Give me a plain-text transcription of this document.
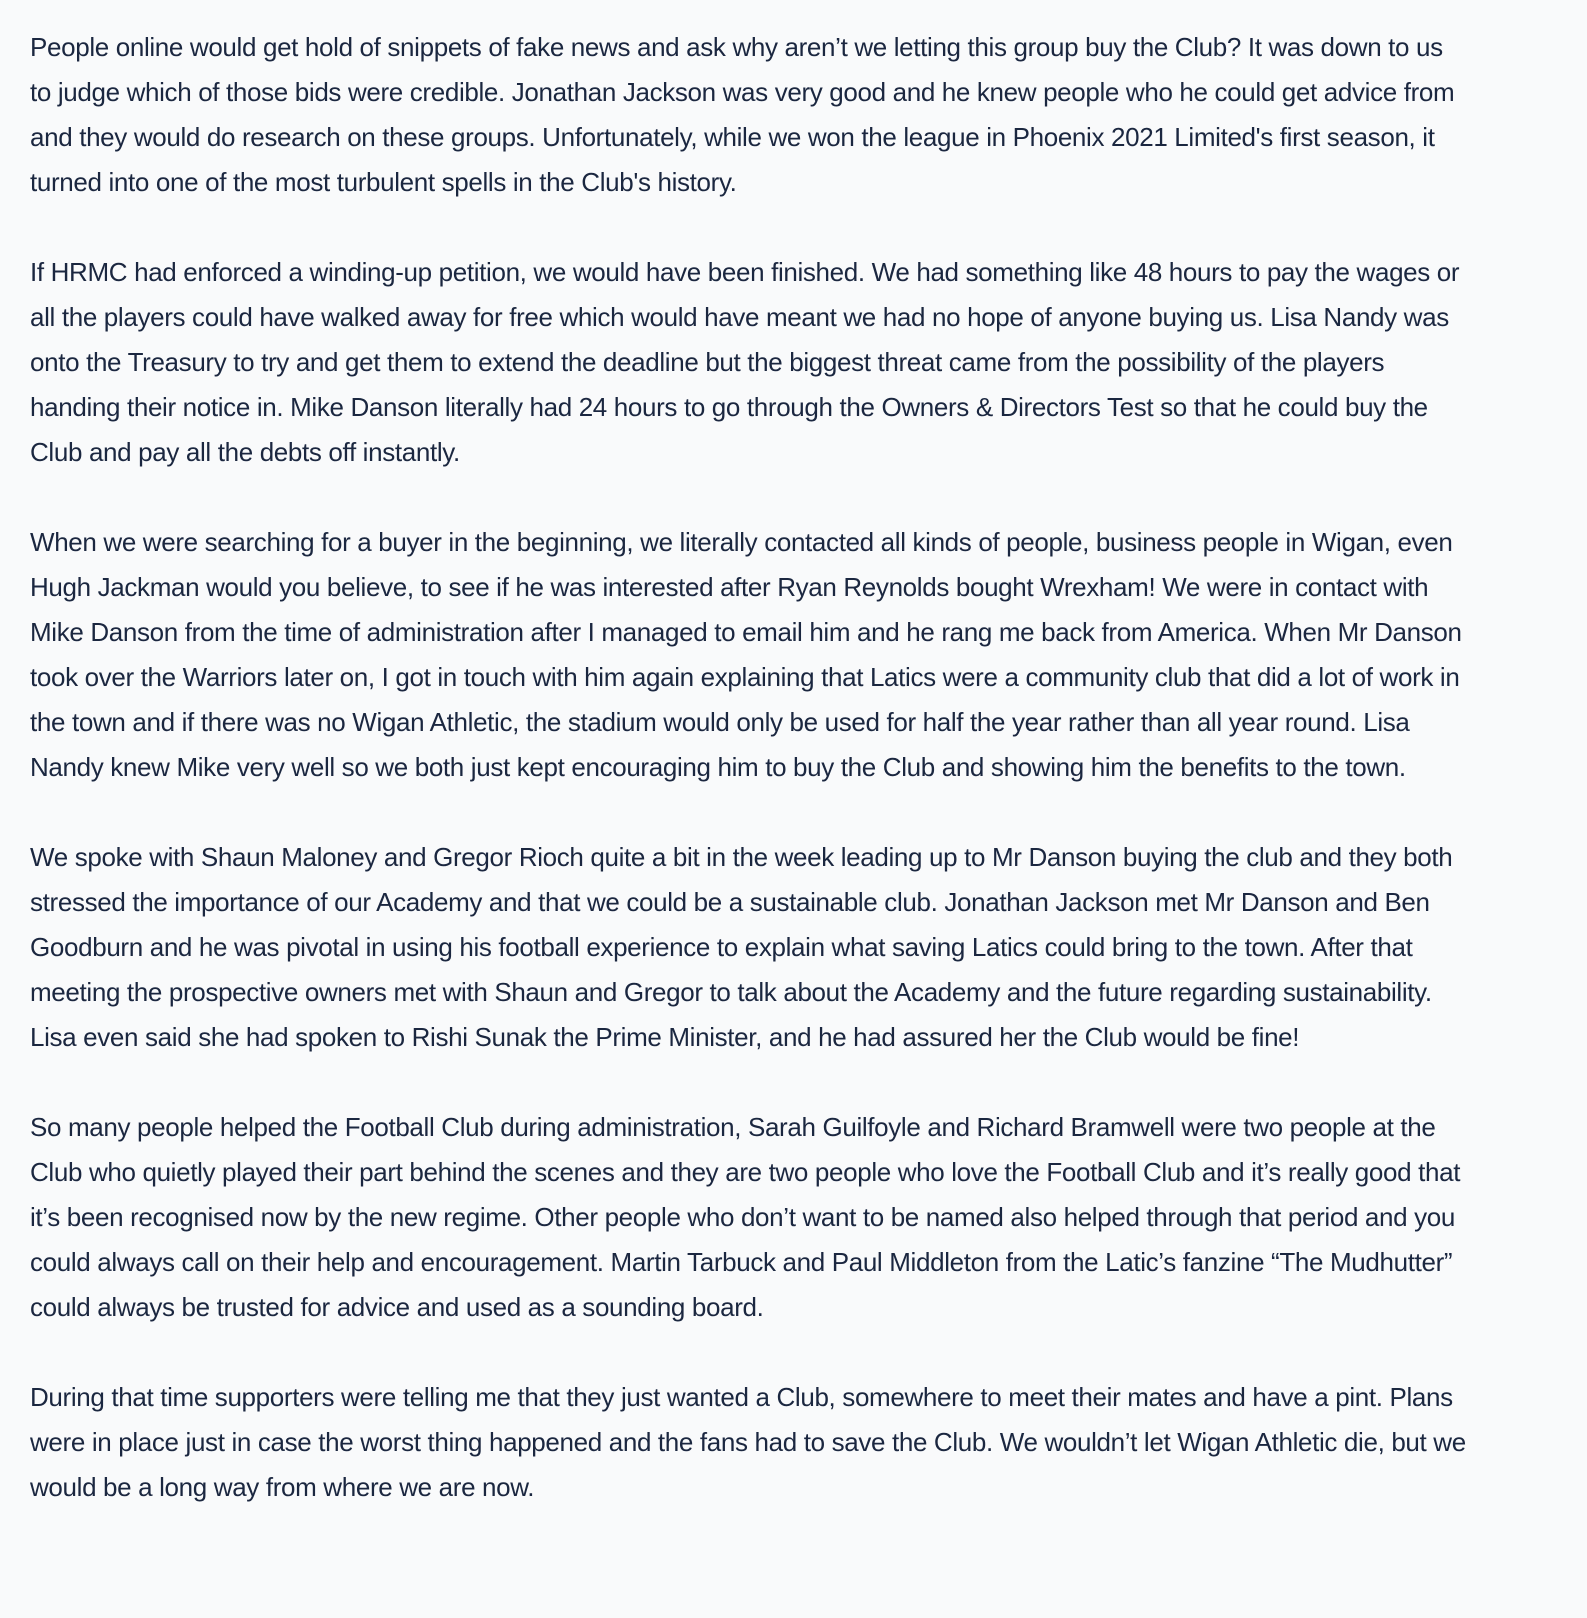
People online would get hold of snippets of fake news and ask why aren’t we letting this group buy the Club? It was down to us to judge which of those bids were credible. Jonathan Jackson was very good and he knew people who he could get advice from and they would do research on these groups. Unfortunately, while we won the league in Phoenix 2021 Limited's first season, it turned into one of the most turbulent spells in the Club's history.

If HRMC had enforced a winding-up petition, we would have been finished. We had something like 48 hours to pay the wages or all the players could have walked away for free which would have meant we had no hope of anyone buying us. Lisa Nandy was onto the Treasury to try and get them to extend the deadline but the biggest threat came from the possibility of the players handing their notice in. Mike Danson literally had 24 hours to go through the Owners & Directors Test so that he could buy the Club and pay all the debts off instantly.

When we were searching for a buyer in the beginning, we literally contacted all kinds of people, business people in Wigan, even Hugh Jackman would you believe, to see if he was interested after Ryan Reynolds bought Wrexham! We were in contact with Mike Danson from the time of administration after I managed to email him and he rang me back from America. When Mr Danson took over the Warriors later on, I got in touch with him again explaining that Latics were a community club that did a lot of work in the town and if there was no Wigan Athletic, the stadium would only be used for half the year rather than all year round. Lisa Nandy knew Mike very well so we both just kept encouraging him to buy the Club and showing him the benefits to the town.

We spoke with Shaun Maloney and Gregor Rioch quite a bit in the week leading up to Mr Danson buying the club and they both stressed the importance of our Academy and that we could be a sustainable club. Jonathan Jackson met Mr Danson and Ben Goodburn and he was pivotal in using his football experience to explain what saving Latics could bring to the town. After that meeting the prospective owners met with Shaun and Gregor to talk about the Academy and the future regarding sustainability. Lisa even said she had spoken to Rishi Sunak the Prime Minister, and he had assured her the Club would be fine!

So many people helped the Football Club during administration, Sarah Guilfoyle and Richard Bramwell were two people at the Club who quietly played their part behind the scenes and they are two people who love the Football Club and it’s really good that it’s been recognised now by the new regime. Other people who don’t want to be named also helped through that period and you could always call on their help and encouragement. Martin Tarbuck and Paul Middleton from the Latic’s fanzine “The Mudhutter” could always be trusted for advice and used as a sounding board.

During that time supporters were telling me that they just wanted a Club, somewhere to meet their mates and have a pint. Plans were in place just in case the worst thing happened and the fans had to save the Club. We wouldn’t let Wigan Athletic die, but we would be a long way from where we are now.
